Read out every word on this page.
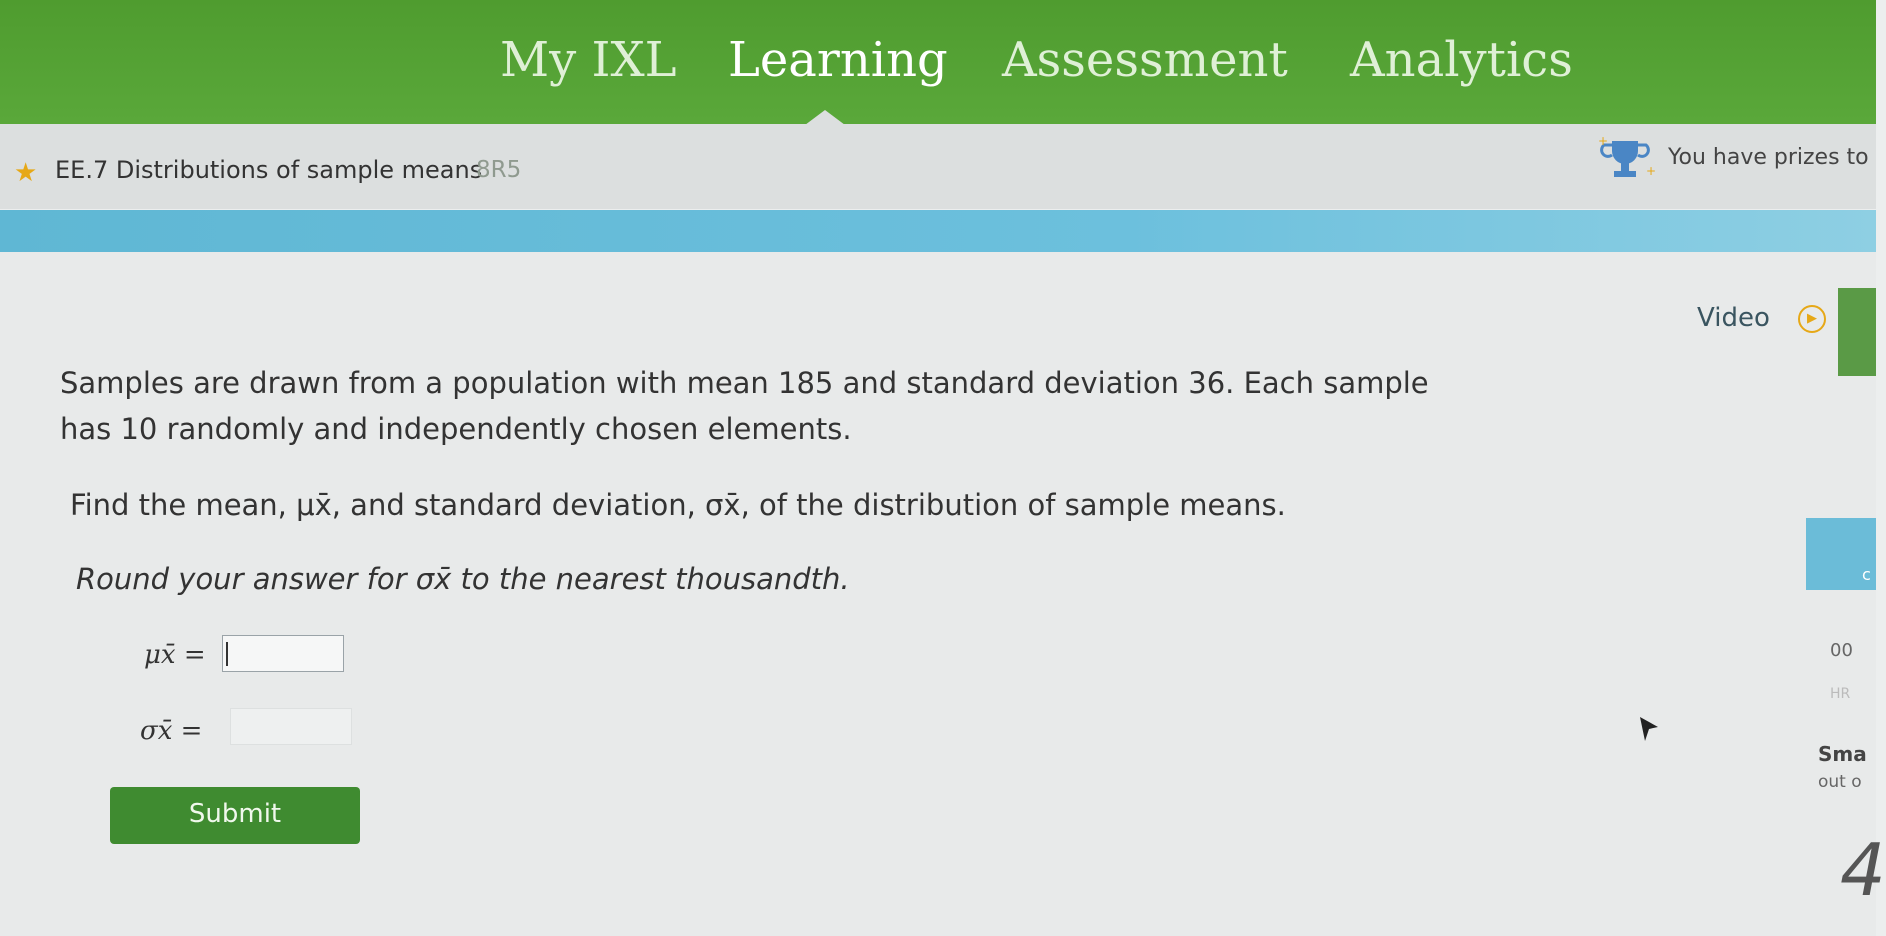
My IXL Learning Assessment Analytics
★ EE.7 Distributions of sample means
8R5
+
+
You have prizes to
Video	▶
c
Samples are drawn from a population with mean 185 and standard deviation 36. Each sample
has 10 randomly and independently chosen elements.
Find the mean, μx̄, and standard deviation, σx̄, of the distribution of sample means.
Round your answer for σx̄ to the nearest thousandth.
μx̄ =
σx̄ =
Submit
00
HR
Sma
out o
4
